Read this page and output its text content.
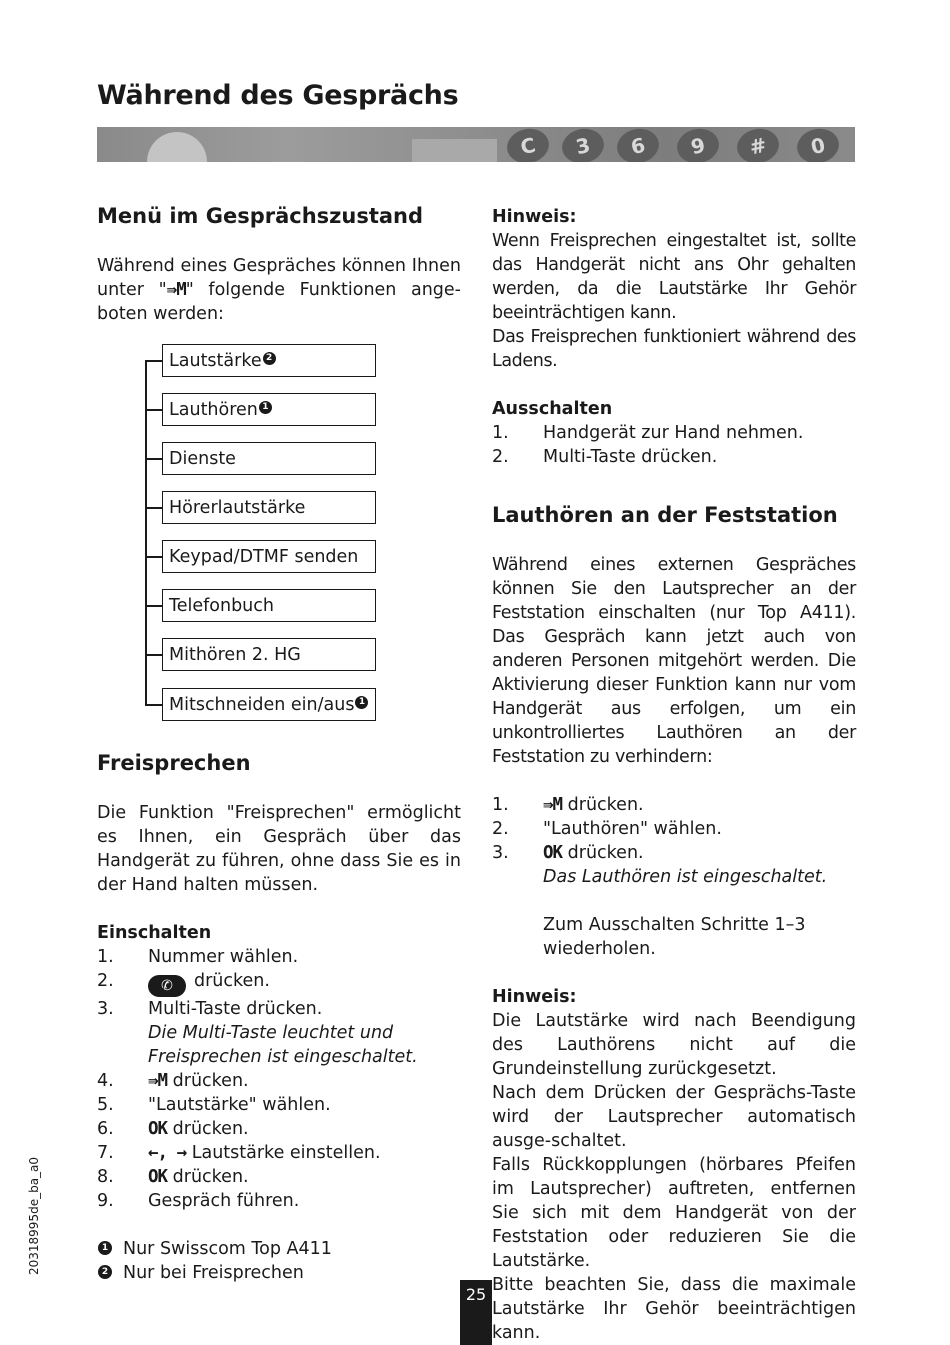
Während des Gesprächs
C	3	6	9	#	0
Menü im Gesprächszustand

Während eines Gespräches können Ihnen unter "⇛M" folgende Funktionen ange-boten werden:

Lautstärke 2
Lauthören 1
Dienste
Hörerlautstärke
Keypad/DTMF senden
Telefonbuch
Mithören 2. HG
Mitschneiden ein/aus 1
Freisprechen

Die Funktion "Freisprechen" ermöglicht es Ihnen, ein Gespräch über das Handgerät zu führen, ohne dass Sie es in der Hand halten müssen.

Einschalten

1. Nummer wählen.
2.	✆ drücken.
3. Multi-Taste drücken.
Die Multi-Taste leuchtet und Freisprechen ist eingeschaltet.
4. ⇛M drücken.
5. "Lautstärke" wählen.
6. OK drücken.
7. ←, → Lautstärke einstellen.
8. OK drücken.
9. Gespräch führen.
1 Nur Swisscom Top A411
2 Nur bei Freisprechen

Hinweis:

Wenn Freisprechen eingestaltet ist, sollte das Handgerät nicht ans Ohr gehalten werden, da die Lautstärke Ihr Gehör beeinträchtigen kann.

Das Freisprechen funktioniert während des Ladens.

Ausschalten

1. Handgerät zur Hand nehmen.
2. Multi-Taste drücken.
Lauthören an der Feststation

Während eines externen Gespräches können Sie den Lautsprecher an der Feststation einschalten (nur Top A411). Das Gespräch kann jetzt auch von anderen Personen mitgehört werden. Die Aktivierung dieser Funktion kann nur vom Handgerät aus erfolgen, um ein unkontrolliertes Lauthören an der Feststation zu verhindern:

1. ⇛M drücken.
2. "Lauthören" wählen.
3. OK drücken.
Das Lauthören ist eingeschaltet.

Zum Ausschalten Schritte 1–3 wiederholen.

Hinweis:

Die Lautstärke wird nach Beendigung des Lauthörens nicht auf die Grundeinstellung zurückgesetzt.

Nach dem Drücken der Gesprächs-Taste wird der Lautsprecher automatisch ausge-schaltet.

Falls Rückkopplungen (hörbares Pfeifen im Lautsprecher) auftreten, entfernen Sie sich mit dem Handgerät von der Feststation oder reduzieren Sie die Lautstärke.

Bitte beachten Sie, dass die maximale Lautstärke Ihr Gehör beeinträchtigen kann.

20318995de_ba_a0
25
